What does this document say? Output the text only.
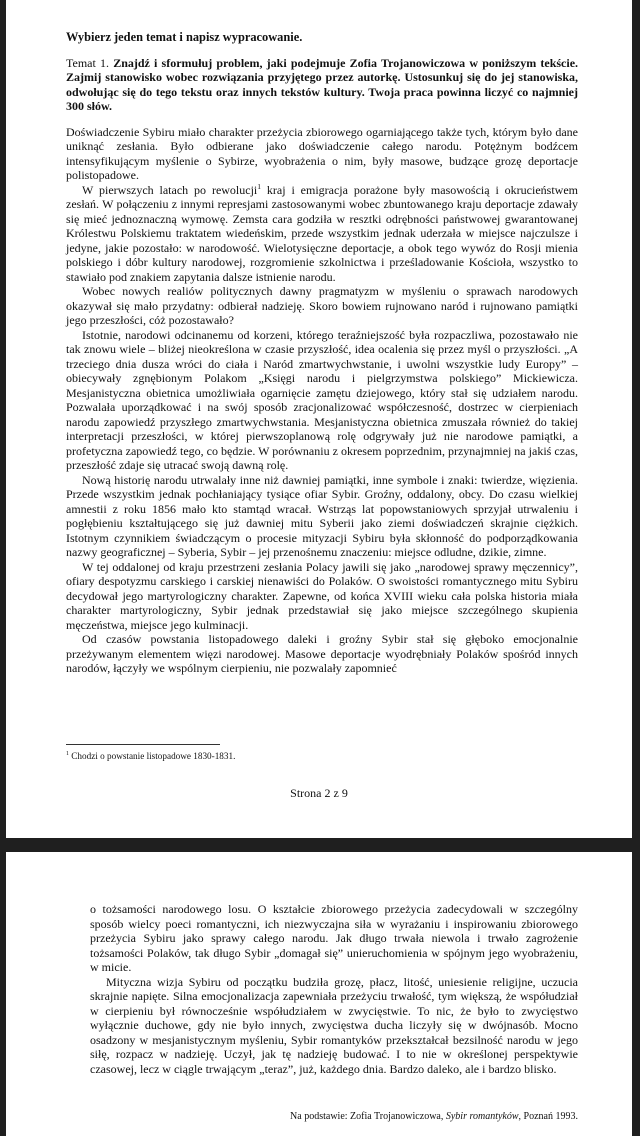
Wybierz jeden temat i napisz wypracowanie.

Temat 1. Znajdź i sformułuj problem, jaki podejmuje Zofia Trojanowiczowa w poniższym tekście. Zajmij stanowisko wobec rozwiązania przyjętego przez autorkę. Ustosunkuj się do jej stanowiska, odwołując się do tego tekstu oraz innych tekstów kultury. Twoja praca powinna liczyć co najmniej 300 słów.

Doświadczenie Sybiru miało charakter przeżycia zbiorowego ogarniającego także tych, którym było dane uniknąć zesłania. Było odbierane jako doświadczenie całego narodu. Potężnym bodźcem intensyfikującym myślenie o Sybirze, wyobrażenia o nim, były masowe, budzące grozę deportacje polistopadowe.

W pierwszych latach po rewolucji$^1$ kraj i emigracja porażone były masowością i okrucieństwem zesłań. W połączeniu z innymi represjami zastosowanymi wobec zbuntowanego kraju deportacje zdawały się mieć jednoznaczną wymowę. Zemsta cara godziła w resztki odrębności państwowej gwarantowanej Królestwu Polskiemu traktatem wiedeńskim, przede wszystkim jednak uderzała w miejsce najczulsze i jedyne, jakie pozostało: w narodowość. Wielotysięczne deportacje, a obok tego wywóz do Rosji mienia polskiego i dóbr kultury narodowej, rozgromienie szkolnictwa i prześladowanie Kościoła, wszystko to stawiało pod znakiem zapytania dalsze istnienie narodu.

Wobec nowych realiów politycznych dawny pragmatyzm w myśleniu o sprawach narodowych okazywał się mało przydatny: odbierał nadzieję. Skoro bowiem rujnowano naród i rujnowano pamiątki jego przeszłości, cóż pozostawało?

Istotnie, narodowi odcinanemu od korzeni, którego teraźniejszość była rozpaczliwa, pozostawało nie tak znowu wiele – bliżej nieokreślona w czasie przyszłość, idea ocalenia się przez myśl o przyszłości. „A trzeciego dnia dusza wróci do ciała i Naród zmartwychwstanie, i uwolni wszystkie ludy Europy” – obiecywały zgnębionym Polakom „Księgi narodu i pielgrzymstwa polskiego” Mickiewicza. Mesjanistyczna obietnica umożliwiała ogarnięcie zamętu dziejowego, który stał się udziałem narodu. Pozwalała uporządkować i na swój sposób zracjonalizować współczesność, dostrzec w cierpieniach narodu zapowiedź przyszłego zmartwychwstania. Mesjanistyczna obietnica zmuszała również do takiej interpretacji przeszłości, w której pierwszoplanową rolę odgrywały już nie narodowe pamiątki, a profetyczna zapowiedź tego, co będzie. W porównaniu z okresem poprzednim, przynajmniej na jakiś czas, przeszłość zdaje się utracać swoją dawną rolę.

Nową historię narodu utrwalały inne niż dawniej pamiątki, inne symbole i znaki: twierdze, więzienia. Przede wszystkim jednak pochłaniający tysiące ofiar Sybir. Groźny, oddalony, obcy. Do czasu wielkiej amnestii z roku 1856 mało kto stamtąd wracał. Wstrząs lat popowstaniowych sprzyjał utrwaleniu i pogłębieniu kształtującego się już dawniej mitu Syberii jako ziemi doświadczeń skrajnie ciężkich. Istotnym czynnikiem świadczącym o procesie mityzacji Sybiru była skłonność do podporządkowania nazwy geograficznej – Syberia, Sybir – jej przenośnemu znaczeniu: miejsce odludne, dzikie, zimne.

W tej oddalonej od kraju przestrzeni zesłania Polacy jawili się jako „narodowej sprawy męczennicy”, ofiary despotyzmu carskiego i carskiej nienawiści do Polaków. O swoistości romantycznego mitu Sybiru decydował jego martyrologiczny charakter. Zapewne, od końca XVIII wieku cała polska historia miała charakter martyrologiczny, Sybir jednak przedstawiał się jako miejsce szczególnego skupienia męczeństwa, miejsce jego kulminacji.

Od czasów powstania listopadowego daleki i groźny Sybir stał się głęboko emocjonalnie przeżywanym elementem więzi narodowej. Masowe deportacje wyodrębniały Polaków spośród innych narodów, łączyły we wspólnym cierpieniu, nie pozwalały zapomnieć

$^1$ Chodzi o powstanie listopadowe 1830-1831.
Strona 2 z 9

o tożsamości narodowego losu. O kształcie zbiorowego przeżycia zadecydowali w szczególny sposób wielcy poeci romantyczni, ich niezwyczajna siła w wyrażaniu i inspirowaniu zbiorowego przeżycia Sybiru jako sprawy całego narodu. Jak długo trwała niewola i trwało zagrożenie tożsamości Polaków, tak długo Sybir „domagał się” unieruchomienia w spójnym jego wyobrażeniu, w micie.

Mityczna wizja Sybiru od początku budziła grozę, płacz, litość, uniesienie religijne, uczucia skrajnie napięte. Silna emocjonalizacja zapewniała przeżyciu trwałość, tym większą, że współudział w cierpieniu był równocześnie współudziałem w zwycięstwie. To nic, że było to zwycięstwo wyłącznie duchowe, gdy nie było innych, zwycięstwa ducha liczyły się w dwójnasób. Mocno osadzony w mesjanistycznym myśleniu, Sybir romantyków przekształcał bezsilność narodu w jego siłę, rozpacz w nadzieję. Uczył, jak tę nadzieję budować. I to nie w określonej perspektywie czasowej, lecz w ciągle trwającym „teraz”, już, każdego dnia. Bardzo daleko, ale i bardzo blisko.

Na podstawie: Zofia Trojanowiczowa, Sybir romantyków, Poznań 1993.
